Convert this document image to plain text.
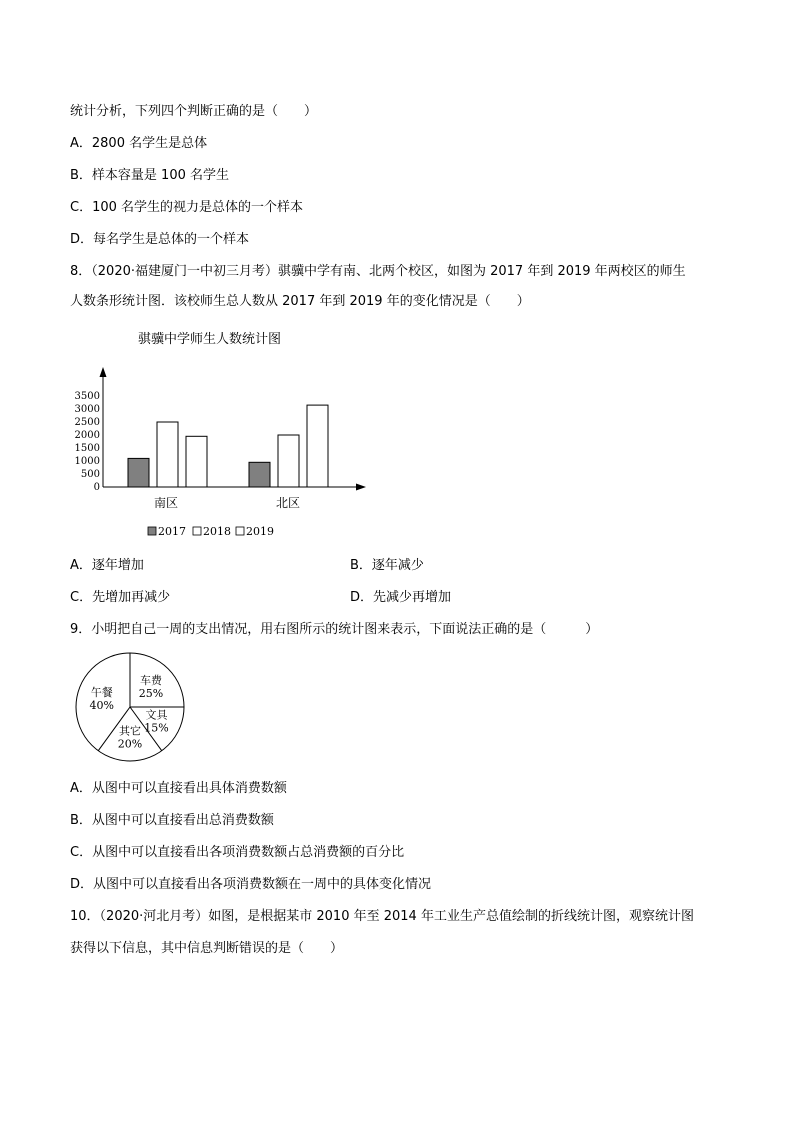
统计分析，下列四个判断正确的是（　　）
A．2800 名学生是总体
B．样本容量是 100 名学生
C．100 名学生的视力是总体的一个样本
D．每名学生是总体的一个样本
8．（2020·福建厦门一中初三月考）骐骥中学有南、北两个校区，如图为 2017 年到 2019 年两校区的师生
人数条形统计图．该校师生总人数从 2017 年到 2019 年的变化情况是（　　）
骐骥中学师生人数统计图
0
500
1000
1500
2000
2500
3000
3500
南区	北区
2017 2018 2019
A．逐年增加	B．逐年减少
C．先增加再减少	D．先减少再增加
9．小明把自己一周的支出情况，用右图所示的统计图来表示，下面说法正确的是（　　　）
车费
25%
文具
15%
其它
20%
午餐
40%
A．从图中可以直接看出具体消费数额
B．从图中可以直接看出总消费数额
C．从图中可以直接看出各项消费数额占总消费额的百分比
D．从图中可以直接看出各项消费数额在一周中的具体变化情况
10．（2020·河北月考）如图，是根据某市 2010 年至 2014 年工业生产总值绘制的折线统计图，观察统计图
获得以下信息，其中信息判断错误的是（　　）
